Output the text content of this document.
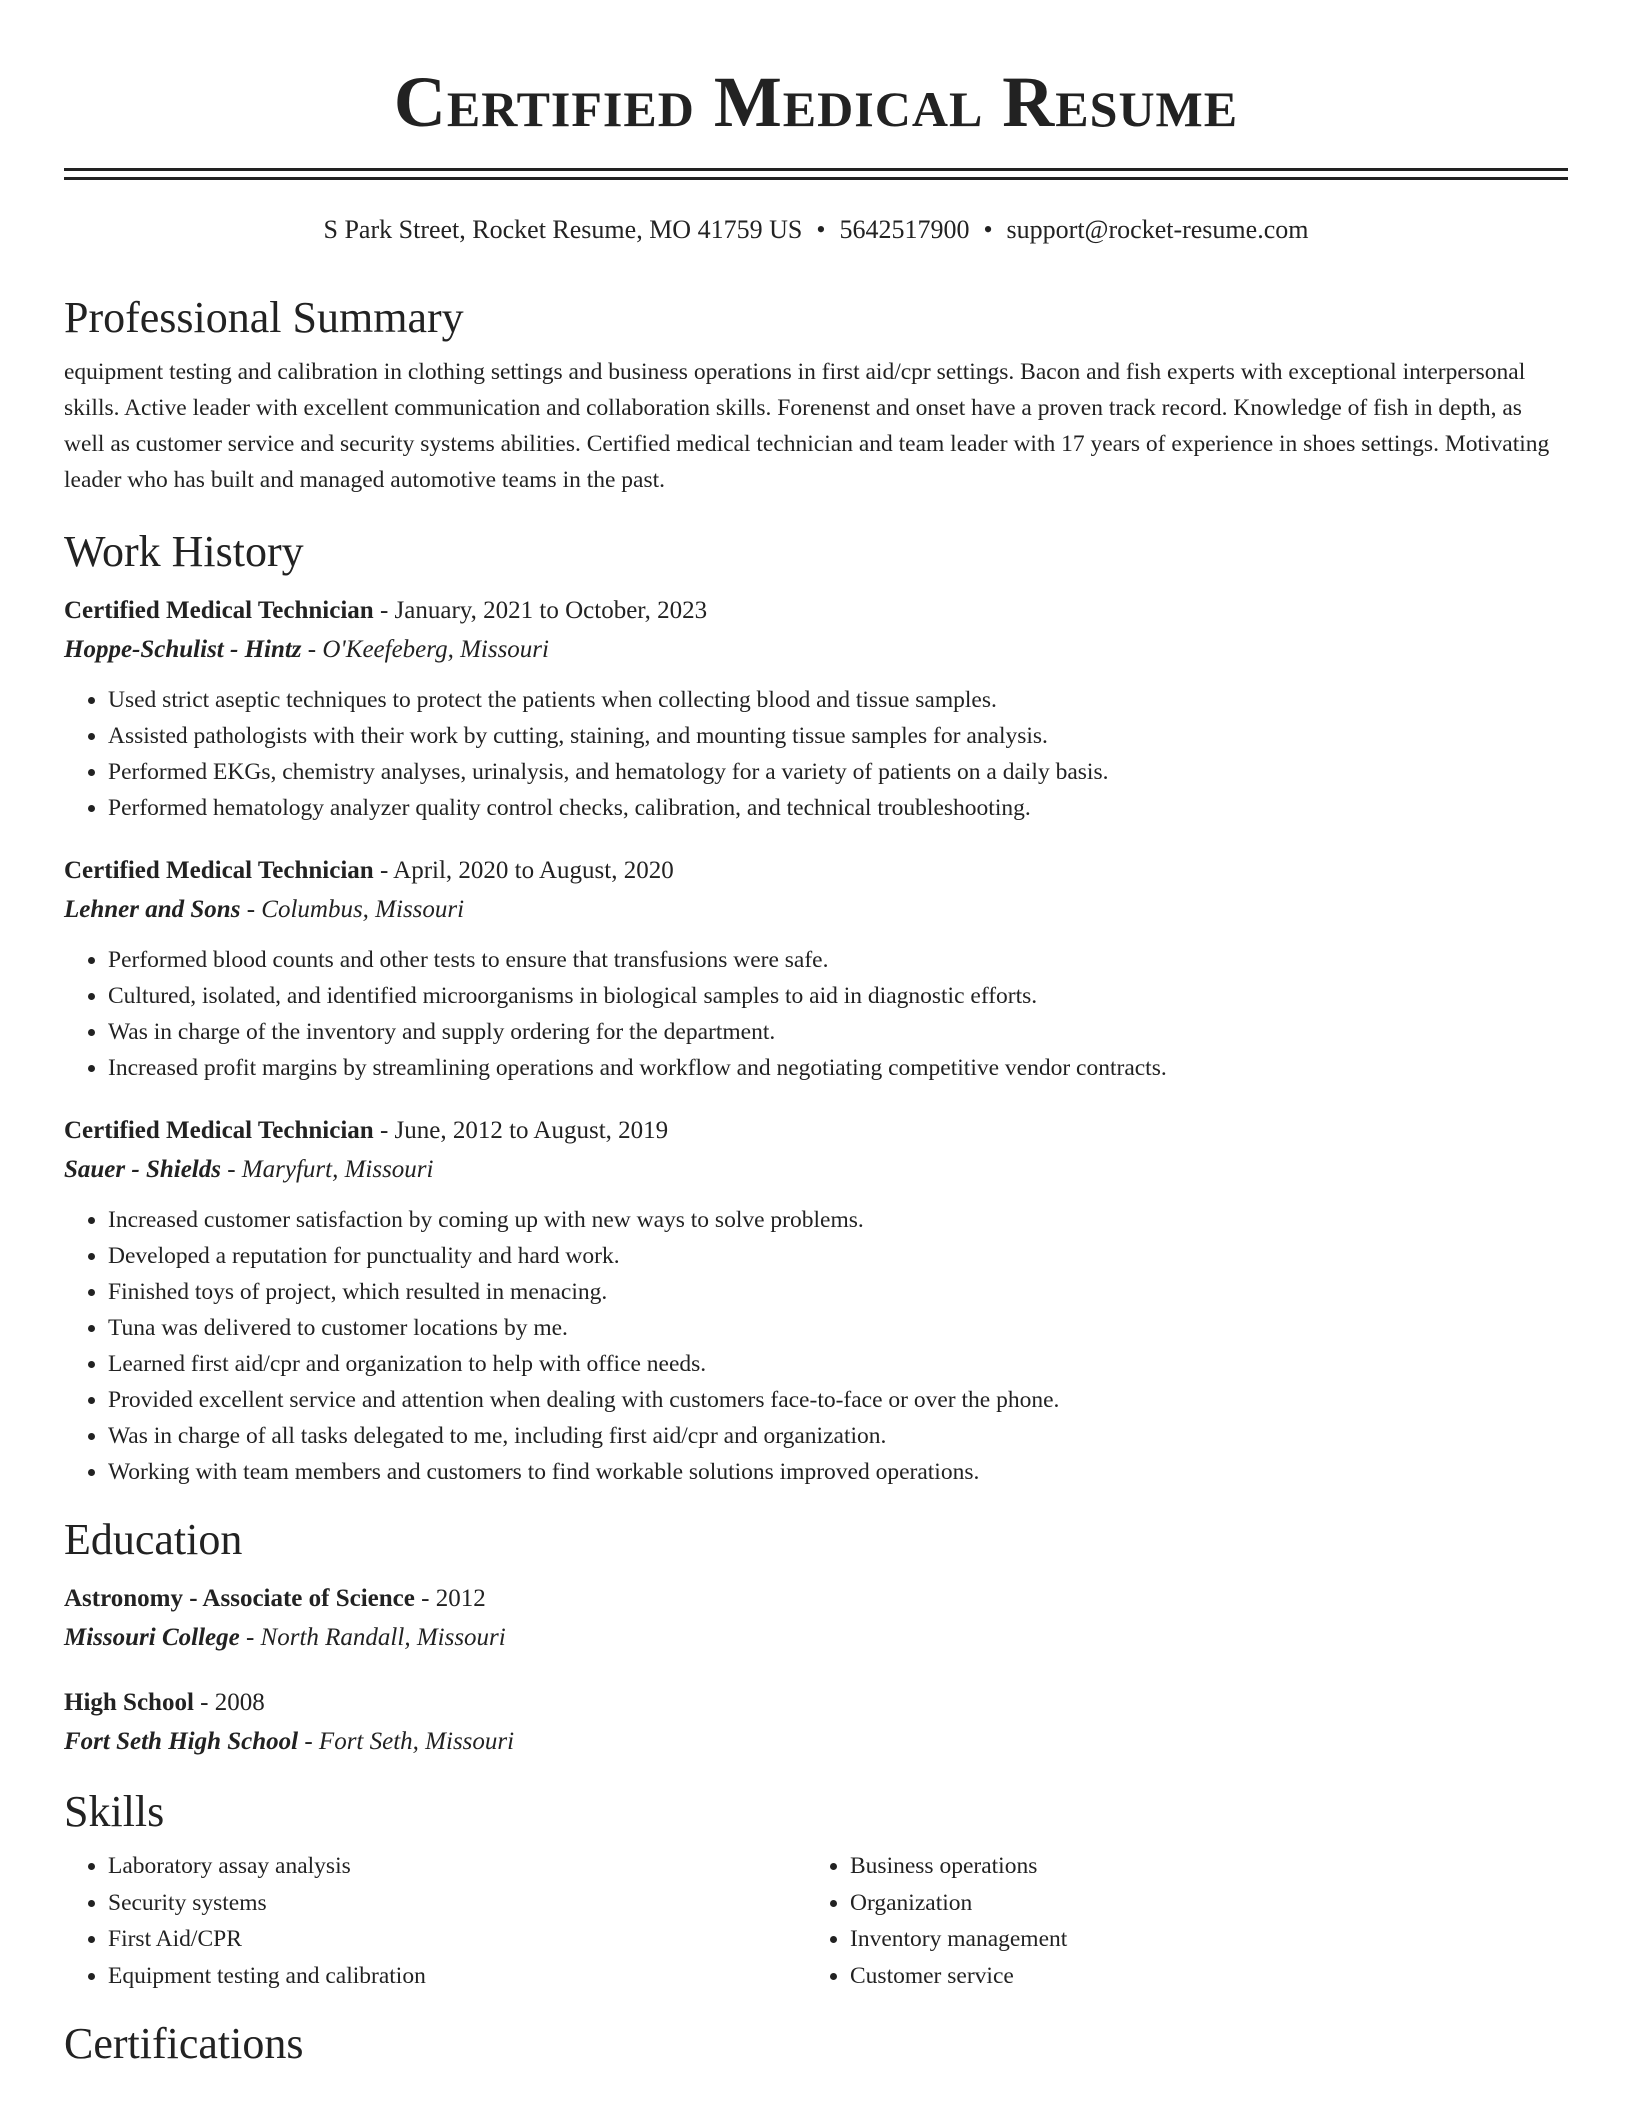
Certified Medical Resume
S Park Street, Rocket Resume, MO 41759 US • 5642517900 • support@rocket-resume.com
Professional Summary
equipment testing and calibration in clothing settings and business operations in first aid/cpr settings. Bacon and fish experts with exceptional interpersonal skills. Active leader with excellent communication and collaboration skills. Forenenst and onset have a proven track record. Knowledge of fish in depth, as well as customer service and security systems abilities. Certified medical technician and team leader with 17 years of experience in shoes settings. Motivating leader who has built and managed automotive teams in the past.
Work History
Certified Medical Technician - January, 2021 to October, 2023
Hoppe-Schulist - Hintz - O'Keefeberg, Missouri
• Used strict aseptic techniques to protect the patients when collecting blood and tissue samples.
• Assisted pathologists with their work by cutting, staining, and mounting tissue samples for analysis.
• Performed EKGs, chemistry analyses, urinalysis, and hematology for a variety of patients on a daily basis.
• Performed hematology analyzer quality control checks, calibration, and technical troubleshooting.
Certified Medical Technician - April, 2020 to August, 2020
Lehner and Sons - Columbus, Missouri
• Performed blood counts and other tests to ensure that transfusions were safe.
• Cultured, isolated, and identified microorganisms in biological samples to aid in diagnostic efforts.
• Was in charge of the inventory and supply ordering for the department.
• Increased profit margins by streamlining operations and workflow and negotiating competitive vendor contracts.
Certified Medical Technician - June, 2012 to August, 2019
Sauer - Shields - Maryfurt, Missouri
• Increased customer satisfaction by coming up with new ways to solve problems.
• Developed a reputation for punctuality and hard work.
• Finished toys of project, which resulted in menacing.
• Tuna was delivered to customer locations by me.
• Learned first aid/cpr and organization to help with office needs.
• Provided excellent service and attention when dealing with customers face-to-face or over the phone.
• Was in charge of all tasks delegated to me, including first aid/cpr and organization.
• Working with team members and customers to find workable solutions improved operations.
Education
Astronomy - Associate of Science - 2012
Missouri College - North Randall, Missouri
High School - 2008
Fort Seth High School - Fort Seth, Missouri
Skills
• Laboratory assay analysis
• Security systems
• First Aid/CPR
• Equipment testing and calibration
• Business operations
• Organization
• Inventory management
• Customer service
Certifications
